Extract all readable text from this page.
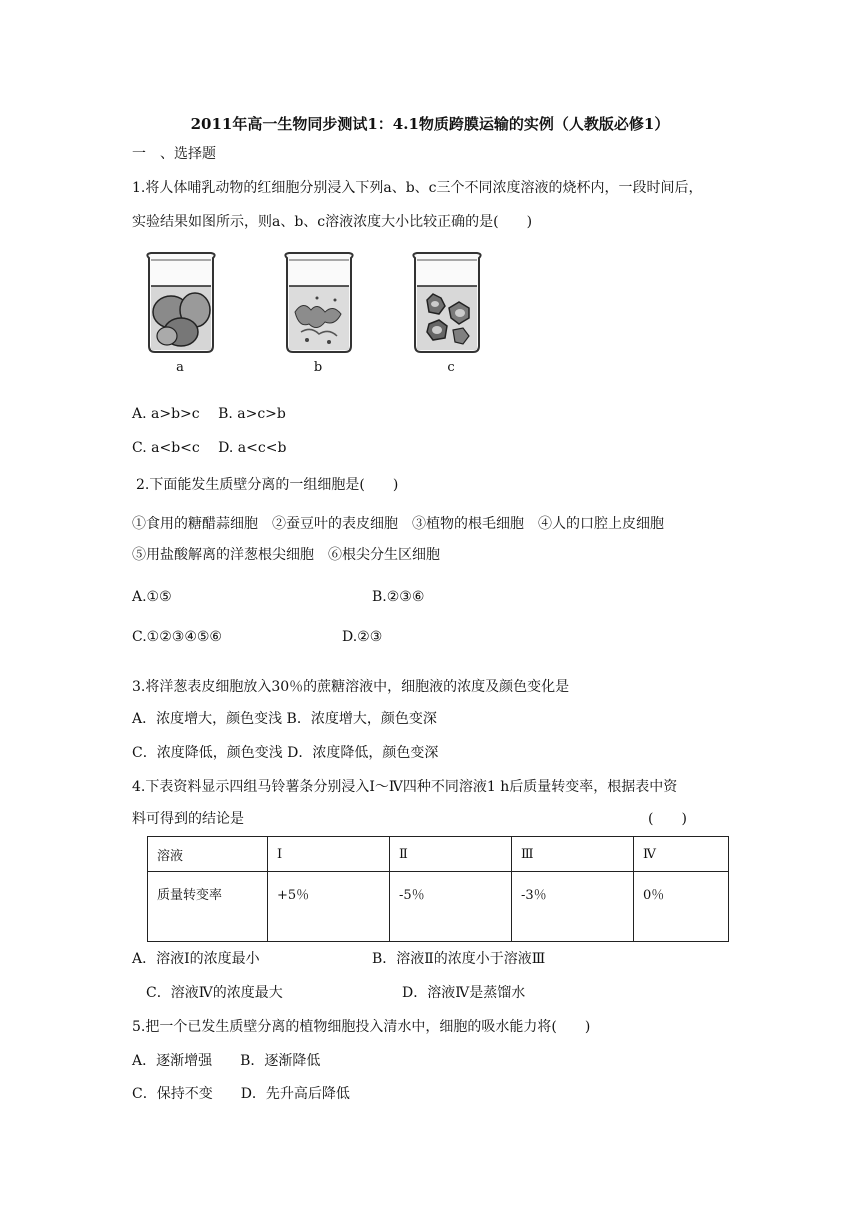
2011年高一生物同步测试1：4.1物质跨膜运输的实例（人教版必修1）
一　、选择题
1.将人体哺乳动物的红细胞分别浸入下列a、b、c三个不同浓度溶液的烧杯内，一段时间后，
实验结果如图所示，则a、b、c溶液浓度大小比较正确的是(　　)
a	b	c
A. a>b>c　 B. a>c>b
C. a<b<c　 D. a<c<b
2.下面能发生质壁分离的一组细胞是(　　)
①食用的糖醋蒜细胞　②蚕豆叶的表皮细胞　③植物的根毛细胞　④人的口腔上皮细胞
⑤用盐酸解离的洋葱根尖细胞　⑥根尖分生区细胞
A.①⑤	B.②③⑥
C.①②③④⑤⑥	D.②③
3.将洋葱表皮细胞放入30％的蔗糖溶液中，细胞液的浓度及颜色变化是
A．浓度增大，颜色变浅 B．浓度增大，颜色变深
C．浓度降低，颜色变浅 D．浓度降低，颜色变深
4.下表资料显示四组马铃薯条分别浸入Ⅰ～Ⅳ四种不同溶液1 h后质量转变率，根据表中资
料可得到的结论是	(　　)
溶液	Ⅰ	Ⅱ	Ⅲ	Ⅳ
质量转变率	+5％	-5％	-3％	0％
A．溶液Ⅰ的浓度最小	B．溶液Ⅱ的浓度小于溶液Ⅲ
C．溶液Ⅳ的浓度最大	D．溶液Ⅳ是蒸馏水
5.把一个已发生质壁分离的植物细胞投入清水中，细胞的吸水能力将(　　)
A．逐渐增强　　B．逐渐降低
C．保持不变　　D．先升高后降低
